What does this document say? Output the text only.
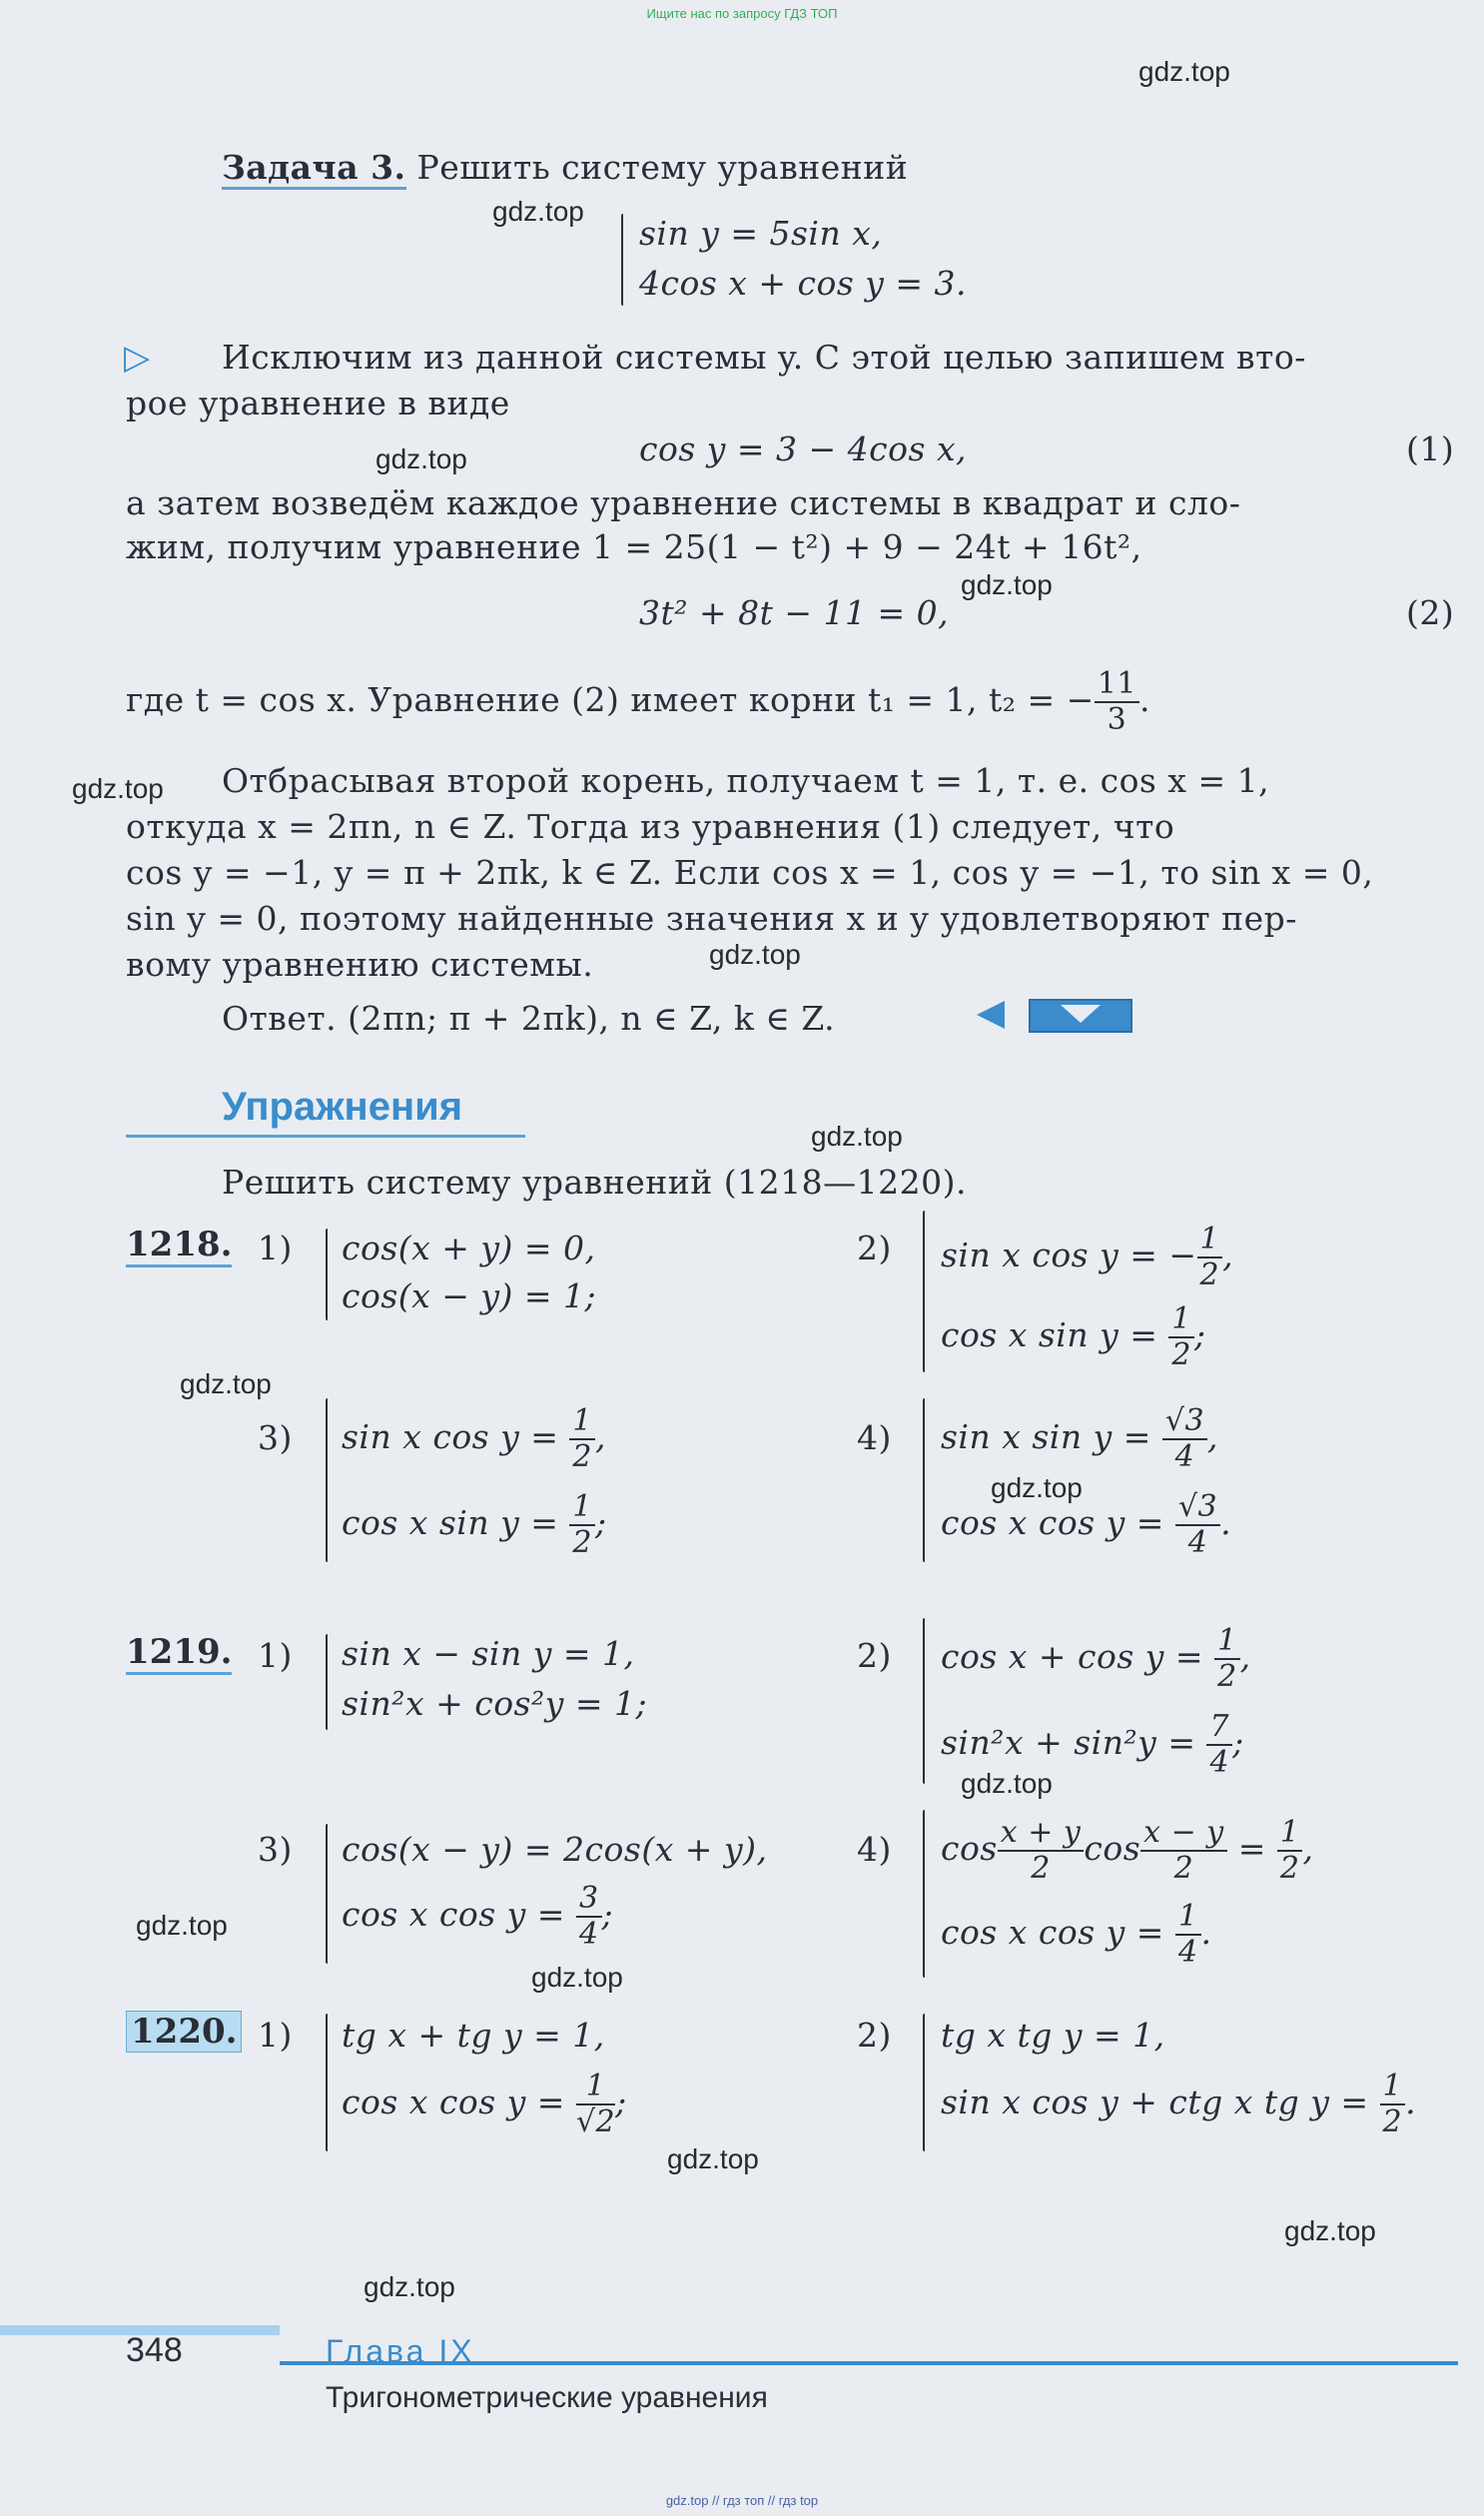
Ищите нас по запросу ГДЗ ТОП
gdz.top
gdz.top
gdz.top
gdz.top
gdz.top
gdz.top
gdz.top
gdz.top
gdz.top
gdz.top
gdz.top
gdz.top
gdz.top
gdz.top
gdz.top
Задача 3. Решить систему уравнений
sin y = 5sin x,
4cos x + cos y = 3.
▷ Исключим из данной системы y. С этой целью запишем вто-
рое уравнение в виде
cos y = 3 − 4cos x,	(1)
а затем возведём каждое уравнение системы в квадрат и сло-
жим, получим уравнение 1 = 25(1 − t²) + 9 − 24t + 16t²,
3t² + 8t − 11 = 0,	(2)
где t = cos x. Уравнение (2) имеет корни t₁ = 1, t₂ = − $\frac{11}{3}$ .
Отбрасывая второй корень, получаем t = 1, т. е. cos x = 1,
откуда x = 2πn, n ∈ Z. Тогда из уравнения (1) следует, что
cos y = −1, y = π + 2πk, k ∈ Z. Если cos x = 1, cos y = −1, то sin x = 0,
sin y = 0, поэтому найденные значения x и y удовлетворяют пер-
вому уравнению системы.
Ответ. (2πn; π + 2πk), n ∈ Z, k ∈ Z.
Упражнения
Решить систему уравнений (1218—1220).
1218. 1) cos(x + y) = 0,
cos(x − y) = 1;
2) sin x cos y = − $\frac{1}{2}$ ,
cos x $\sin y = \frac{1}{2}$ ;
3) sin x $\cos y = \frac{1}{2}$ ,
cos x $\sin y = \frac{1}{2}$ ;
4) sin x $\sin y = \frac{√3}{4}$ ,
cos x $\cos y = \frac{√3}{4}$ .
1219. 1) sin x − sin y = 1,
sin²x + cos²y = 1;
2) $\cos x + \cos y = \frac{1}{2}$ ,
$\sin^2x + \sin^2y = \frac{7}{4}$ ;
3) cos(x − y) = 2cos(x + y),
cos x $\cos y = \frac{3}{4}$ ;
4) $\cos \frac{x + y}{2}$ $\cos \frac{x - y}{2} = \frac{1}{2}$ ,
cos x $\cos y = \frac{1}{4}$ .
1220. 1) tg x + tg y = 1,
cos x $\cos y = \frac{1}{√2}$ ;
2) tg x tg y = 1,
sin x cos y + ctg x tg $y = \frac{1}{2}$ .
348	Глава IX
Тригонометрические уравнения
gdz.top // гдз топ // гдз top
